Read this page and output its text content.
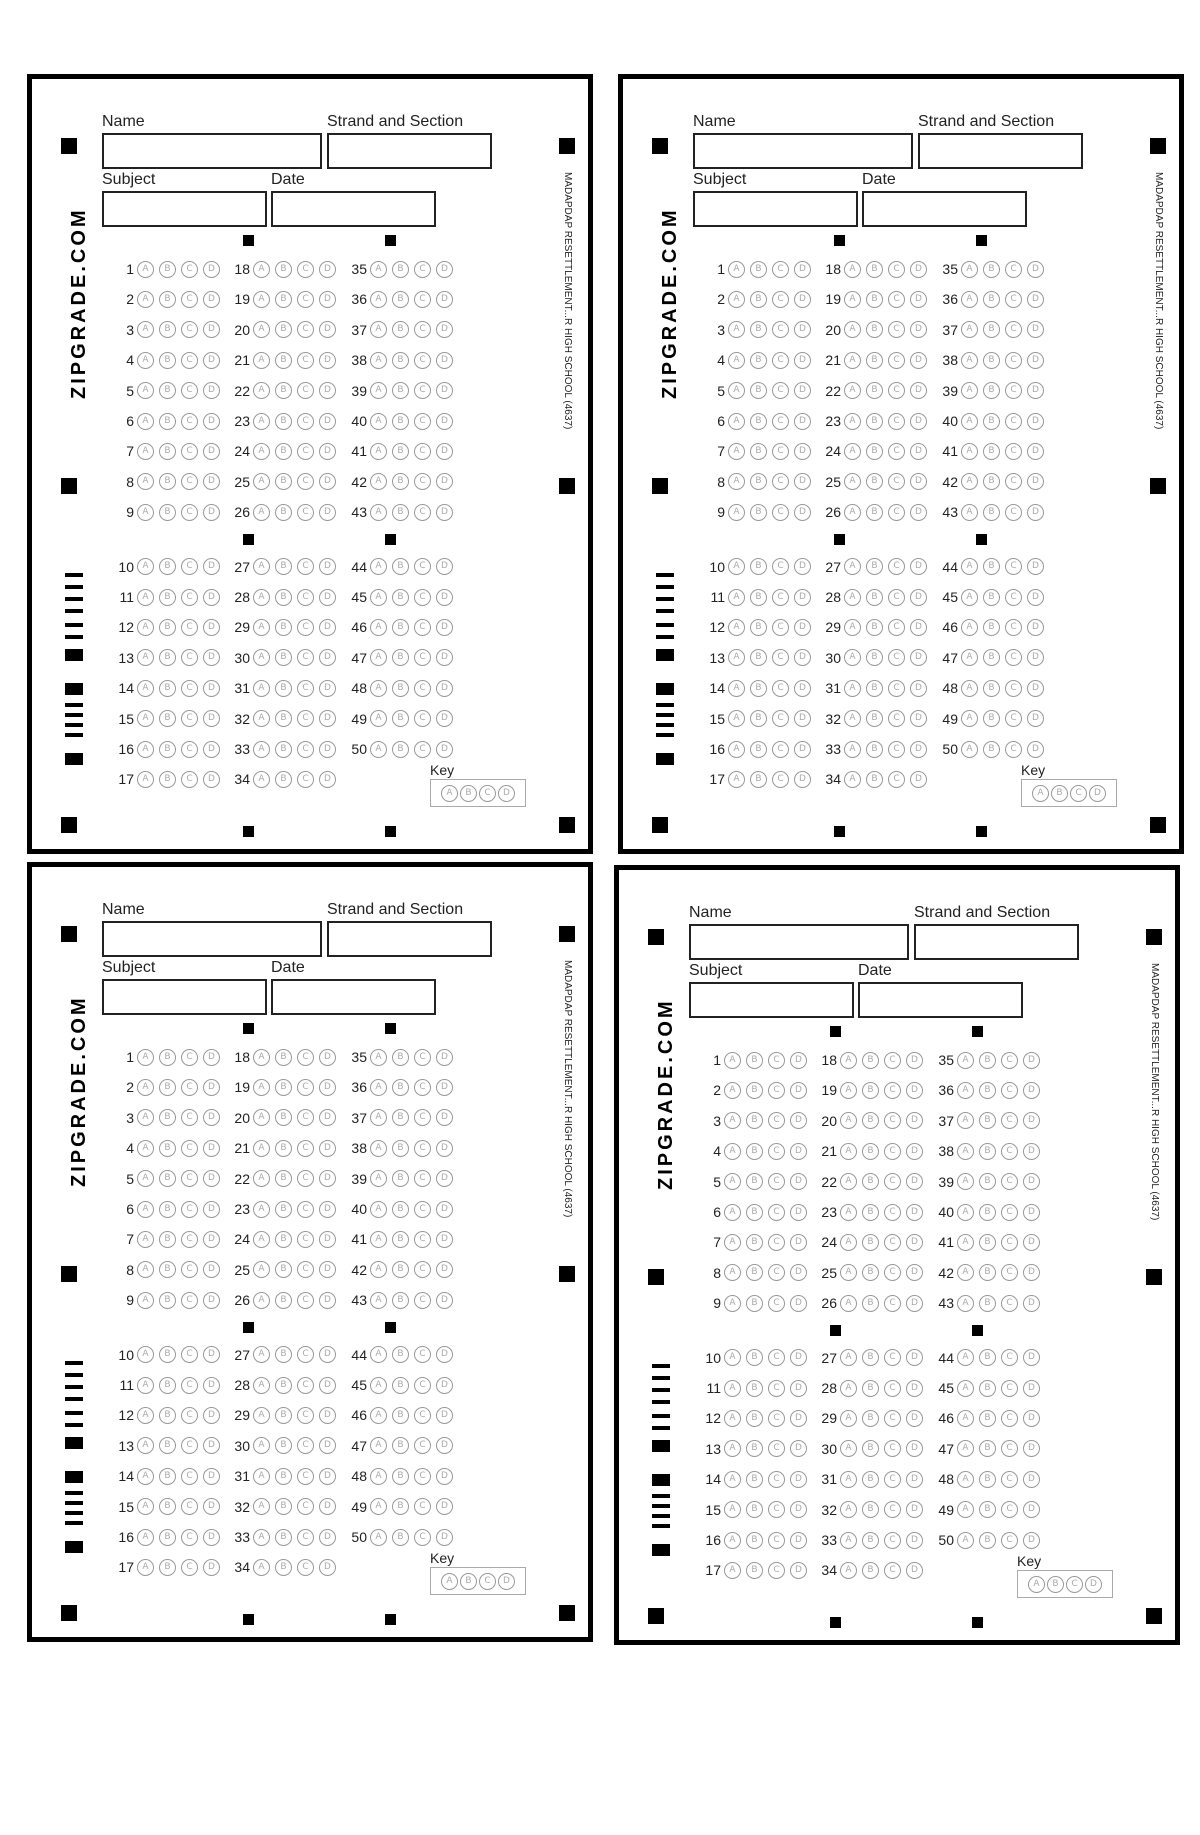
Name	Strand and Section
Subject	Date
ZIPGRADE.COM	MADAPDAP RESETTLEMENT...R HIGH SCHOOL (4637)
1 A	B	C	D
2 A	B	C	D
3 A	B	C	D
4 A	B	C	D
5 A	B	C	D
6 A	B	C	D
7 A	B	C	D
8 A	B	C	D
9 A	B	C	D
10 A	B	C	D
11 A	B	C	D
12 A	B	C	D
13 A	B	C	D
14 A	B	C	D
15 A	B	C	D
16 A	B	C	D
17 A	B	C	D
18 A	B	C	D
19 A	B	C	D
20 A	B	C	D
21 A	B	C	D
22 A	B	C	D
23 A	B	C	D
24 A	B	C	D
25 A	B	C	D
26 A	B	C	D
27 A	B	C	D
28 A	B	C	D
29 A	B	C	D
30 A	B	C	D
31 A	B	C	D
32 A	B	C	D
33 A	B	C	D
34 A	B	C	D
35 A	B	C	D
36 A	B	C	D
37 A	B	C	D
38 A	B	C	D
39 A	B	C	D
40 A	B	C	D
41 A	B	C	D
42 A	B	C	D
43 A	B	C	D
44 A	B	C	D
45 A	B	C	D
46 A	B	C	D
47 A	B	C	D
48 A	B	C	D
49 A	B	C	D
50 A	B	C	D
Key
A	B	C	D
Name	Strand and Section
Subject	Date
ZIPGRADE.COM	MADAPDAP RESETTLEMENT...R HIGH SCHOOL (4637)
1 A	B	C	D
2 A	B	C	D
3 A	B	C	D
4 A	B	C	D
5 A	B	C	D
6 A	B	C	D
7 A	B	C	D
8 A	B	C	D
9 A	B	C	D
10 A	B	C	D
11 A	B	C	D
12 A	B	C	D
13 A	B	C	D
14 A	B	C	D
15 A	B	C	D
16 A	B	C	D
17 A	B	C	D
18 A	B	C	D
19 A	B	C	D
20 A	B	C	D
21 A	B	C	D
22 A	B	C	D
23 A	B	C	D
24 A	B	C	D
25 A	B	C	D
26 A	B	C	D
27 A	B	C	D
28 A	B	C	D
29 A	B	C	D
30 A	B	C	D
31 A	B	C	D
32 A	B	C	D
33 A	B	C	D
34 A	B	C	D
35 A	B	C	D
36 A	B	C	D
37 A	B	C	D
38 A	B	C	D
39 A	B	C	D
40 A	B	C	D
41 A	B	C	D
42 A	B	C	D
43 A	B	C	D
44 A	B	C	D
45 A	B	C	D
46 A	B	C	D
47 A	B	C	D
48 A	B	C	D
49 A	B	C	D
50 A	B	C	D
Key
A	B	C	D
Name	Strand and Section
Subject	Date
ZIPGRADE.COM	MADAPDAP RESETTLEMENT...R HIGH SCHOOL (4637)
1 A	B	C	D
2 A	B	C	D
3 A	B	C	D
4 A	B	C	D
5 A	B	C	D
6 A	B	C	D
7 A	B	C	D
8 A	B	C	D
9 A	B	C	D
10 A	B	C	D
11 A	B	C	D
12 A	B	C	D
13 A	B	C	D
14 A	B	C	D
15 A	B	C	D
16 A	B	C	D
17 A	B	C	D
18 A	B	C	D
19 A	B	C	D
20 A	B	C	D
21 A	B	C	D
22 A	B	C	D
23 A	B	C	D
24 A	B	C	D
25 A	B	C	D
26 A	B	C	D
27 A	B	C	D
28 A	B	C	D
29 A	B	C	D
30 A	B	C	D
31 A	B	C	D
32 A	B	C	D
33 A	B	C	D
34 A	B	C	D
35 A	B	C	D
36 A	B	C	D
37 A	B	C	D
38 A	B	C	D
39 A	B	C	D
40 A	B	C	D
41 A	B	C	D
42 A	B	C	D
43 A	B	C	D
44 A	B	C	D
45 A	B	C	D
46 A	B	C	D
47 A	B	C	D
48 A	B	C	D
49 A	B	C	D
50 A	B	C	D
Key
A	B	C	D
Name	Strand and Section
Subject	Date
ZIPGRADE.COM	MADAPDAP RESETTLEMENT...R HIGH SCHOOL (4637)
1 A	B	C	D
2 A	B	C	D
3 A	B	C	D
4 A	B	C	D
5 A	B	C	D
6 A	B	C	D
7 A	B	C	D
8 A	B	C	D
9 A	B	C	D
10 A	B	C	D
11 A	B	C	D
12 A	B	C	D
13 A	B	C	D
14 A	B	C	D
15 A	B	C	D
16 A	B	C	D
17 A	B	C	D
18 A	B	C	D
19 A	B	C	D
20 A	B	C	D
21 A	B	C	D
22 A	B	C	D
23 A	B	C	D
24 A	B	C	D
25 A	B	C	D
26 A	B	C	D
27 A	B	C	D
28 A	B	C	D
29 A	B	C	D
30 A	B	C	D
31 A	B	C	D
32 A	B	C	D
33 A	B	C	D
34 A	B	C	D
35 A	B	C	D
36 A	B	C	D
37 A	B	C	D
38 A	B	C	D
39 A	B	C	D
40 A	B	C	D
41 A	B	C	D
42 A	B	C	D
43 A	B	C	D
44 A	B	C	D
45 A	B	C	D
46 A	B	C	D
47 A	B	C	D
48 A	B	C	D
49 A	B	C	D
50 A	B	C	D
Key
A	B	C	D
